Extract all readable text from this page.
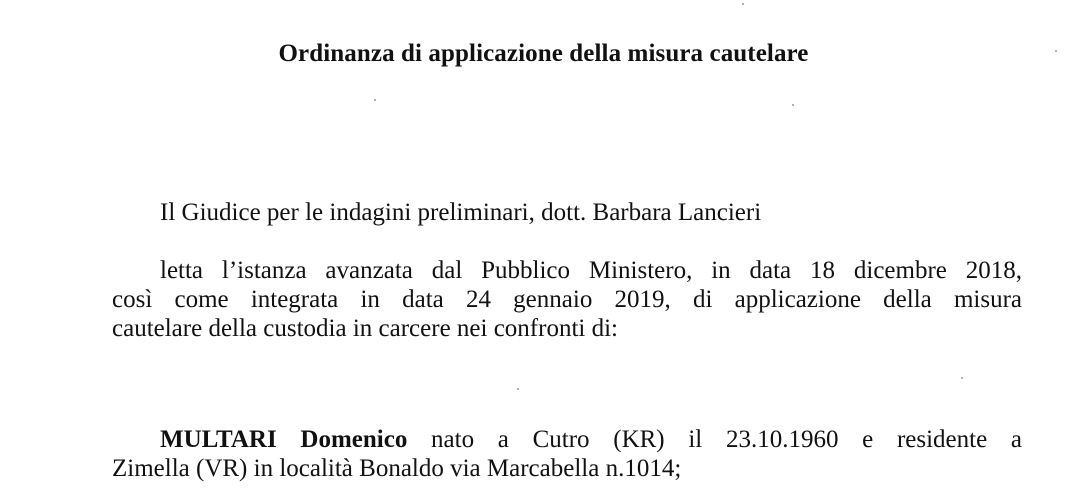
Ordinanza di applicazione della misura cautelare
Il Giudice per le indagini preliminari, dott. Barbara Lancieri
letta l’istanza avanzata dal Pubblico Ministero, in data 18 dicembre 2018,
così come integrata in data 24 gennaio 2019, di applicazione della misura
cautelare della custodia in carcere nei confronti di:
MULTARI Domenico nato a Cutro (KR) il 23.10.1960 e residente a
Zimella (VR) in località Bonaldo via Marcabella n.1014;
